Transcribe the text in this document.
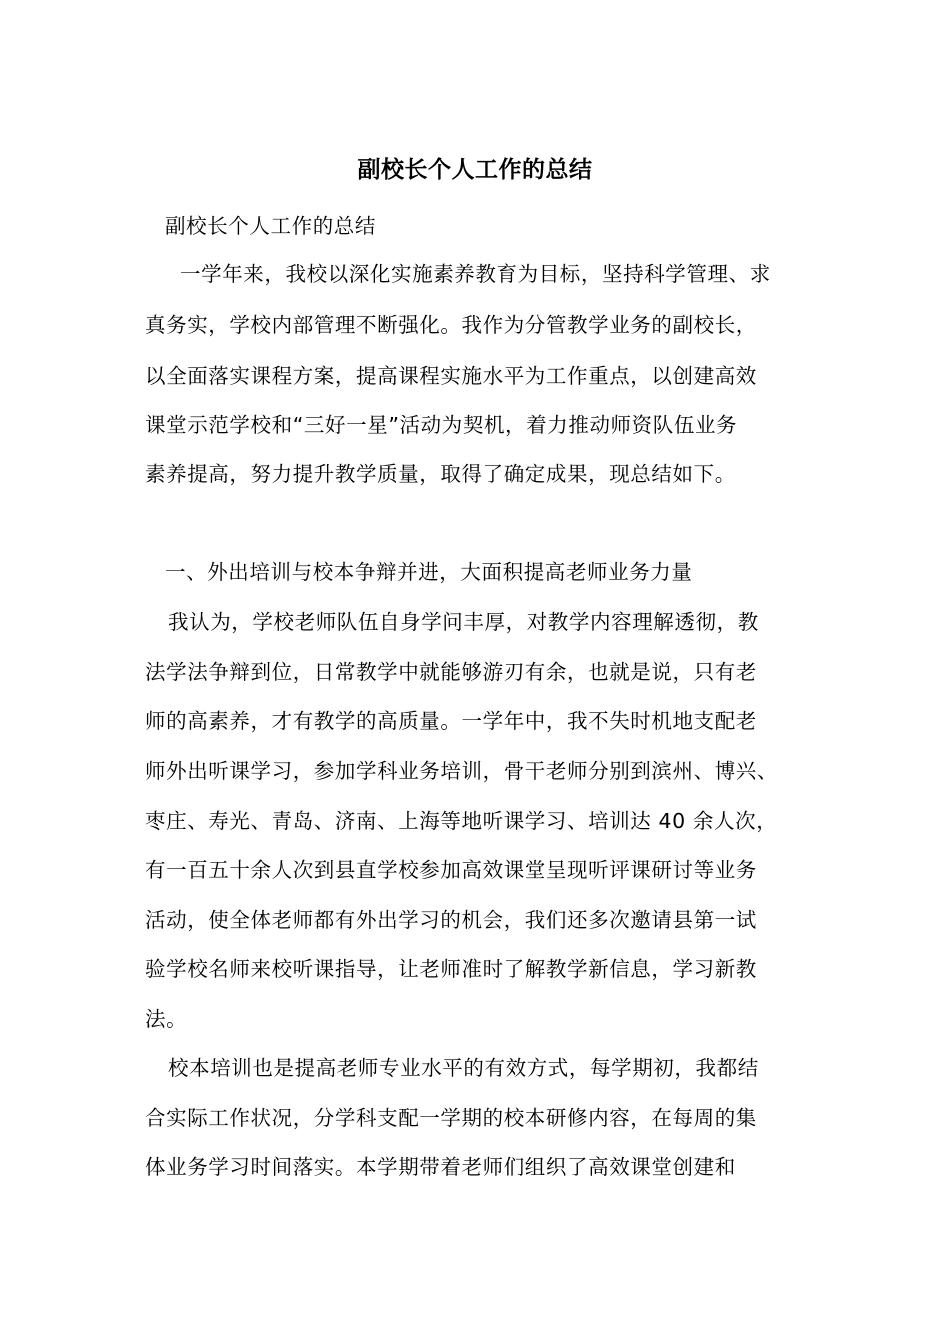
副校长个人工作的总结
副校长个人工作的总结
一学年来，我校以深化实施素养教育为目标，坚持科学管理、求
真务实，学校内部管理不断强化。我作为分管教学业务的副校长，
以全面落实课程方案，提高课程实施水平为工作重点，以创建高效
课堂示范学校和“三好一星”活动为契机，着力推动师资队伍业务
素养提高，努力提升教学质量，取得了确定成果，现总结如下。
一、外出培训与校本争辩并进，大面积提高老师业务力量
我认为，学校老师队伍自身学问丰厚，对教学内容理解透彻，教
法学法争辩到位，日常教学中就能够游刃有余，也就是说，只有老
师的高素养，才有教学的高质量。一学年中，我不失时机地支配老
师外出听课学习，参加学科业务培训，骨干老师分别到滨州、博兴、
枣庄、寿光、青岛、济南、上海等地听课学习、培训达 40 余人次，
有一百五十余人次到县直学校参加高效课堂呈现听评课研讨等业务
活动，使全体老师都有外出学习的机会，我们还多次邀请县第一试
验学校名师来校听课指导，让老师准时了解教学新信息，学习新教
法。
校本培训也是提高老师专业水平的有效方式，每学期初，我都结
合实际工作状况，分学科支配一学期的校本研修内容，在每周的集
体业务学习时间落实。本学期带着老师们组织了高效课堂创建和
